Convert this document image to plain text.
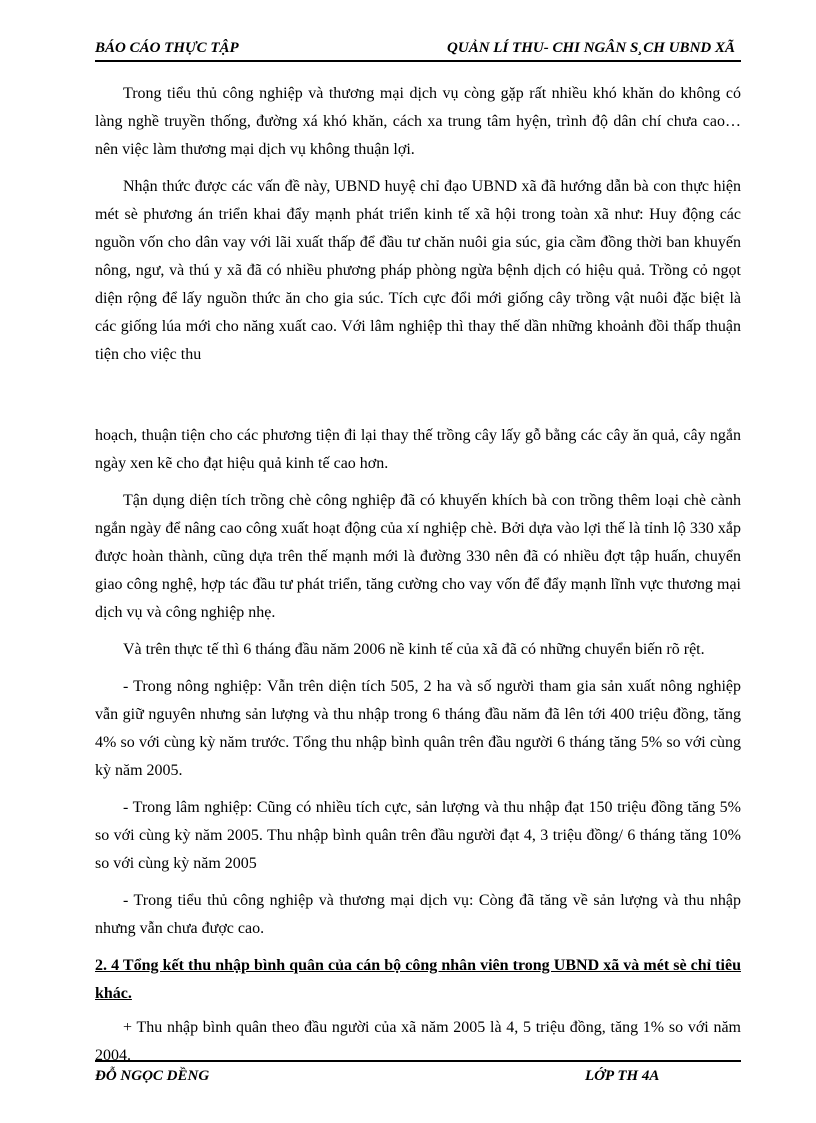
BÁO CÁO THỰC TẬP	QUẢN LÍ THU- CHI NGÂN S¸CH UBND XÃ

Trong tiểu thủ công nghiệp và thương mại dịch vụ còng gặp rất nhiều khó khăn do không có làng nghề truyền thống, đường xá khó khăn, cách xa trung tâm hyện, trình độ dân chí chưa cao… nên việc làm thương mại dịch vụ không thuận lợi.

Nhận thức được các vấn đề này, UBND huyệ chỉ đạo UBND xã đã hướng dẫn bà con thực hiện mét sè phương án triển khai đẩy mạnh phát triển kinh tế xã hội trong toàn xã như: Huy động các nguồn vốn cho dân vay với lãi xuất thấp để đầu tư chăn nuôi gia súc, gia cầm đồng thời ban khuyến nông, ngư, và thú y xã đã có nhiều phương pháp phòng ngừa bệnh dịch có hiệu quả. Trồng cỏ ngọt diện rộng để lấy nguồn thức ăn cho gia súc. Tích cực đổi mới giống cây trồng vật nuôi đặc biệt là các giống lúa mới cho năng xuất cao. Với lâm nghiệp thì thay thế dần những khoảnh đồi thấp thuận tiện cho việc thu

hoạch, thuận tiện cho các phương tiện đi lại thay thế trồng cây lấy gỗ bằng các cây ăn quả, cây ngắn ngày xen kẽ cho đạt hiệu quả kinh tế cao hơn.

Tận dụng diện tích trồng chè công nghiệp đã có khuyến khích bà con trồng thêm loại chè cành ngắn ngày để nâng cao công xuất hoạt động của xí nghiệp chè. Bởi dựa vào lợi thế là tỉnh lộ 330 xắp được hoàn thành, cũng dựa trên thế mạnh mới là đường 330 nên đã có nhiều đợt tập huấn, chuyển giao công nghệ, hợp tác đầu tư phát triển, tăng cường cho vay vốn để đẩy mạnh lĩnh vực thương mại dịch vụ và công nghiệp nhẹ.

Và trên thực tế thì 6 tháng đầu năm 2006 nề kinh tế của xã đã có những chuyển biến rõ rệt.

- Trong nông nghiệp: Vẫn trên diện tích 505, 2 ha và số người tham gia sản xuất nông nghiệp vẫn giữ nguyên nhưng sản lượng và thu nhập trong 6 tháng đầu năm đã lên tới 400 triệu đồng, tăng 4% so với cùng kỳ năm trước. Tổng thu nhập bình quân trên đầu người 6 tháng tăng 5% so với cùng kỳ năm 2005.

- Trong lâm nghiệp: Cũng có nhiều tích cực, sản lượng và thu nhập đạt 150 triệu đồng tăng 5% so với cùng kỳ năm 2005. Thu nhập bình quân trên đầu người đạt 4, 3 triệu đồng/ 6 tháng tăng 10% so với cùng kỳ năm 2005

- Trong tiểu thủ công nghiệp và thương mại dịch vụ: Còng đã tăng về sản lượng và thu nhập nhưng vẫn chưa được cao.

2. 4 Tổng kết thu nhập bình quân của cán bộ công nhân viên trong UBND xã và mét sè chỉ tiêu khác.

+ Thu nhập bình quân theo đầu người của xã năm 2005 là 4, 5 triệu đồng, tăng 1% so với năm 2004.

ĐỖ NGỌC DỀNG	LỚP TH 4A
